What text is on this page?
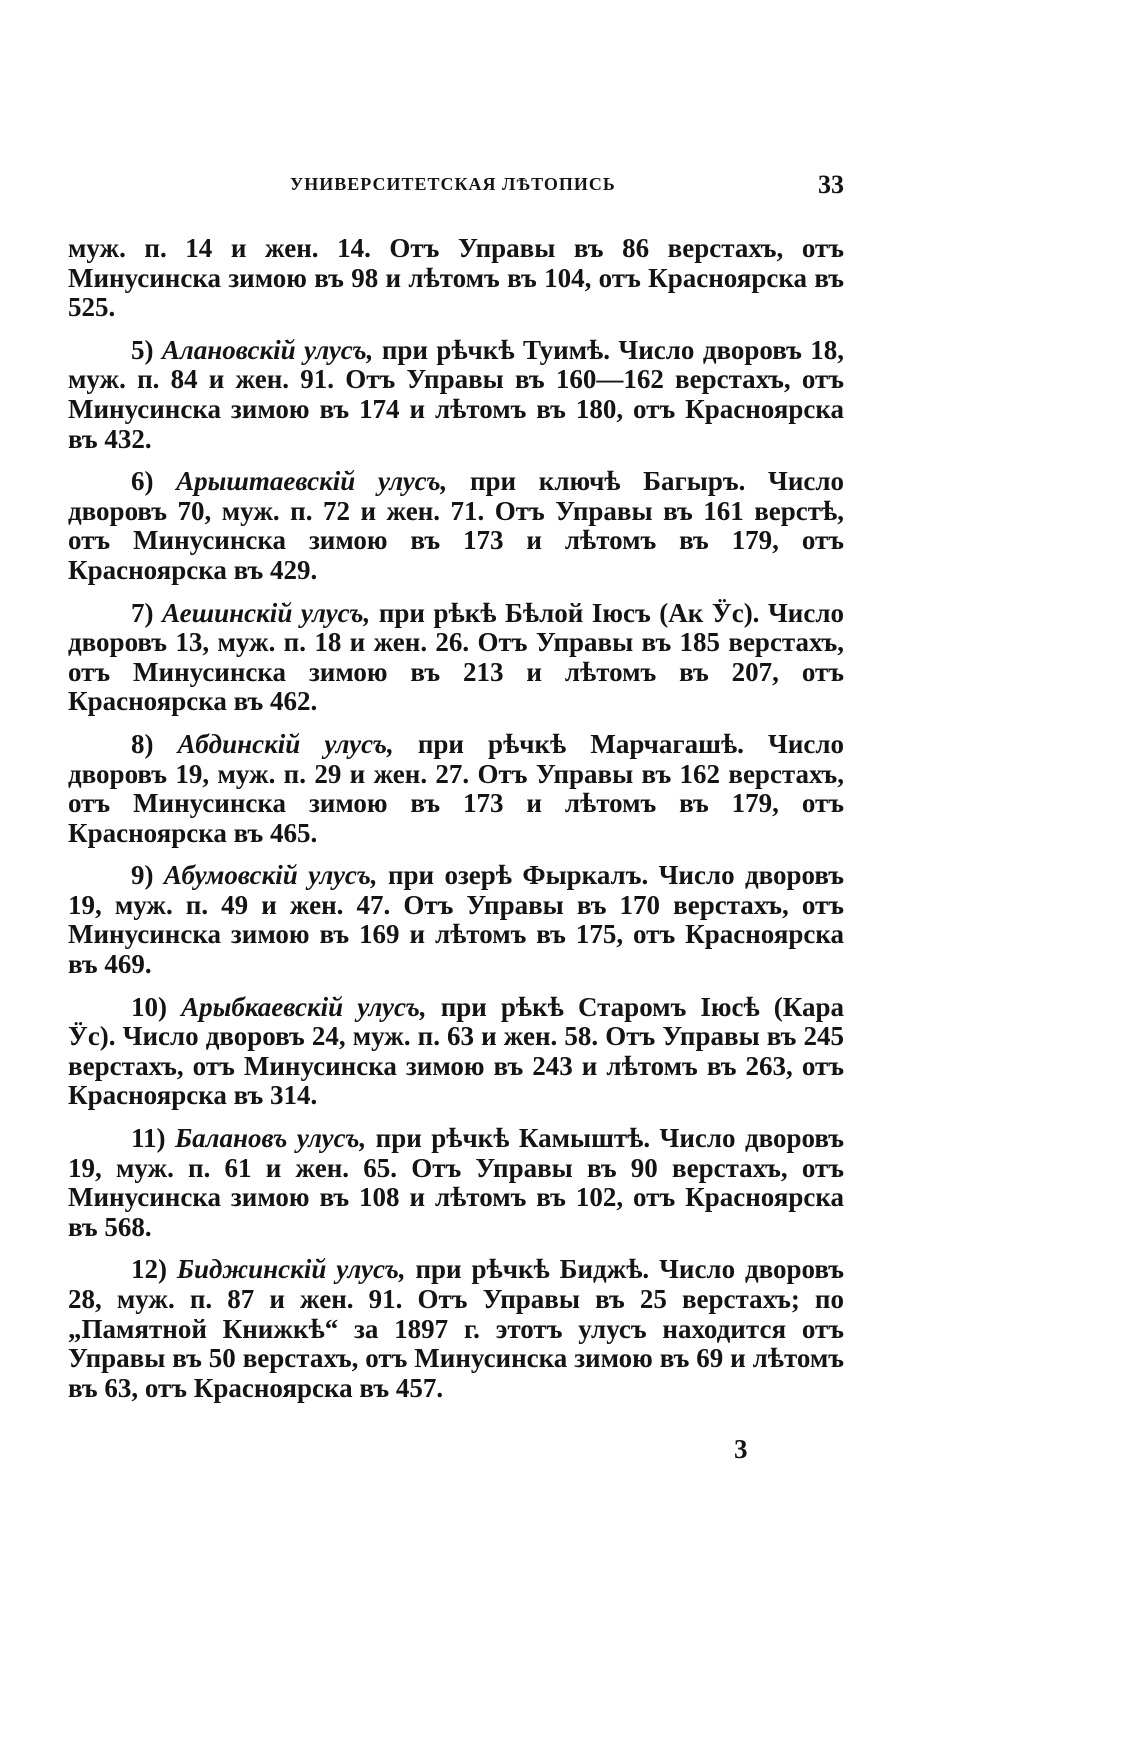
УНИВЕРСИТЕТСКАЯ ЛѢТОПИСЬ	33

муж. п. 14 и жен. 14. Отъ Управы въ 86 верстахъ, отъ Минусинска зимою въ 98 и лѣтомъ въ 104, отъ Красноярска въ 525.

5) Алановскій улусъ, при рѣчкѣ Туимѣ. Число дворовъ 18, муж. п. 84 и жен. 91. Отъ Управы въ 160—162 верстахъ, отъ Минусинска зимою въ 174 и лѣтомъ въ 180, отъ Красноярска въ 432.

6) Арыштаевскій улусъ, при ключѣ Багыръ. Число дворовъ 70, муж. п. 72 и жен. 71. Отъ Управы въ 161 верстѣ, отъ Минусинска зимою въ 173 и лѣтомъ въ 179, отъ Красноярска въ 429.

7) Аешинскій улусъ, при рѣкѣ Бѣлой Іюсъ (Ак Ӱс). Число дворовъ 13, муж. п. 18 и жен. 26. Отъ Управы въ 185 верстахъ, отъ Минусинска зимою въ 213 и лѣтомъ въ 207, отъ Красноярска въ 462.

8) Абдинскій улусъ, при рѣчкѣ Марчагашѣ. Число дворовъ 19, муж. п. 29 и жен. 27. Отъ Управы въ 162 верстахъ, отъ Минусинска зимою въ 173 и лѣтомъ въ 179, отъ Красноярска въ 465.

9) Абумовскій улусъ, при озерѣ Фыркалъ. Число дворовъ 19, муж. п. 49 и жен. 47. Отъ Управы въ 170 верстахъ, отъ Минусинска зимою въ 169 и лѣтомъ въ 175, отъ Красноярска въ 469.

10) Арыбкаевскій улусъ, при рѣкѣ Старомъ Іюсѣ (Кара Ӱс). Число дворовъ 24, муж. п. 63 и жен. 58. Отъ Управы въ 245 верстахъ, отъ Минусинска зимою въ 243 и лѣтомъ въ 263, отъ Красноярска въ 314.

11) Балановъ улусъ, при рѣчкѣ Камыштѣ. Число дворовъ 19, муж. п. 61 и жен. 65. Отъ Управы въ 90 верстахъ, отъ Минусинска зимою въ 108 и лѣтомъ въ 102, отъ Красноярска въ 568.

12) Биджинскій улусъ, при рѣчкѣ Биджѣ. Число дворовъ 28, муж. п. 87 и жен. 91. Отъ Управы въ 25 верстахъ; по „Памятной Книжкѣ“ за 1897 г. этотъ улусъ находится отъ Управы въ 50 верстахъ, отъ Минусинска зимою въ 69 и лѣтомъ въ 63, отъ Красноярска въ 457.

3
